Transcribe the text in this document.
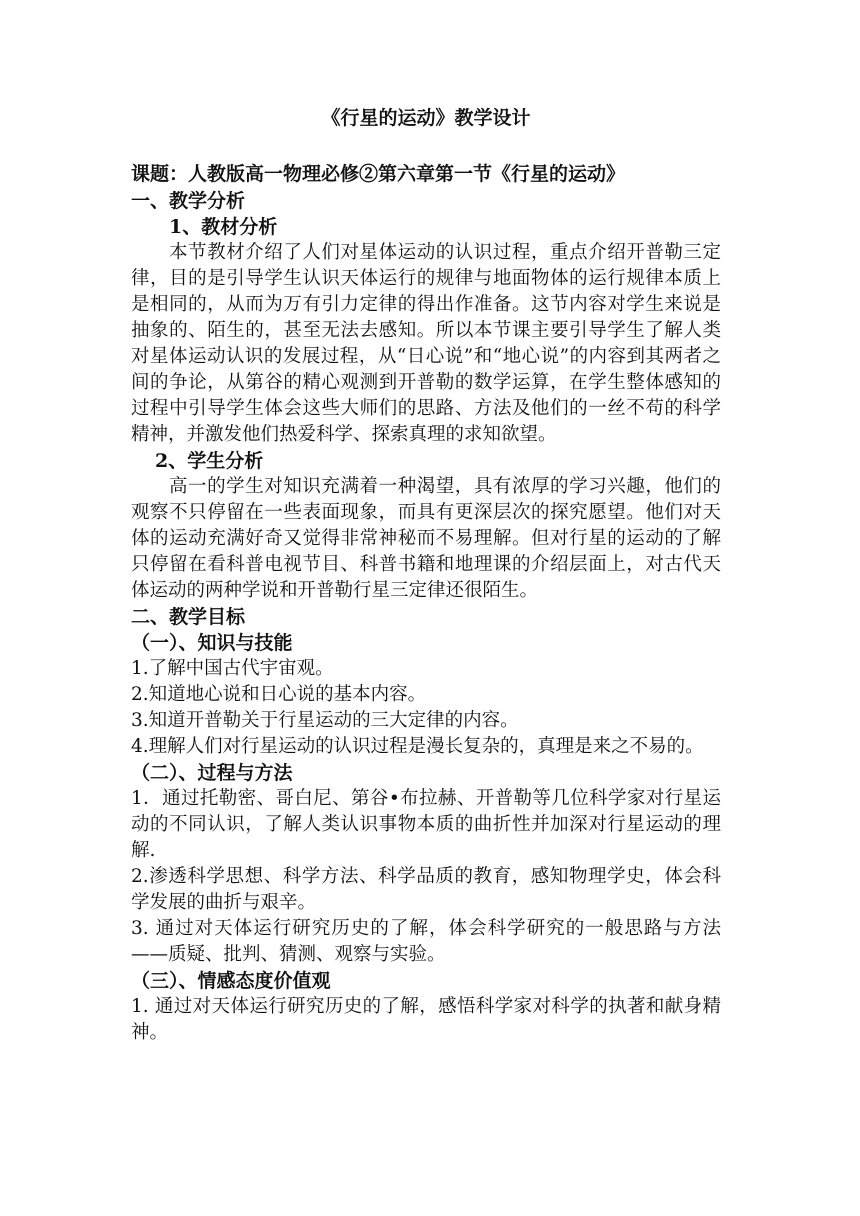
《行星的运动》教学设计

课题：人教版高一物理必修②第六章第一节《行星的运动》

一、教学分析

1、教材分析

本节教材介绍了人们对星体运动的认识过程，重点介绍开普勒三定律，目的是引导学生认识天体运行的规律与地面物体的运行规律本质上是相同的，从而为万有引力定律的得出作准备。这节内容对学生来说是抽象的、陌生的，甚至无法去感知。所以本节课主要引导学生了解人类对星体运动认识的发展过程，从“日心说”和“地心说”的内容到其两者之间的争论，从第谷的精心观测到开普勒的数学运算，在学生整体感知的过程中引导学生体会这些大师们的思路、方法及他们的一丝不苟的科学精神，并激发他们热爱科学、探索真理的求知欲望。

2、学生分析

高一的学生对知识充满着一种渴望，具有浓厚的学习兴趣，他们的观察不只停留在一些表面现象，而具有更深层次的探究愿望。他们对天体的运动充满好奇又觉得非常神秘而不易理解。但对行星的运动的了解只停留在看科普电视节目、科普书籍和地理课的介绍层面上，对古代天体运动的两种学说和开普勒行星三定律还很陌生。

二、教学目标

（一）、知识与技能

1.了解中国古代宇宙观。

2.知道地心说和日心说的基本内容。

3.知道开普勒关于行星运动的三大定律的内容。

4.理解人们对行星运动的认识过程是漫长复杂的，真理是来之不易的。

（二）、过程与方法

1．通过托勒密、哥白尼、第谷•布拉赫、开普勒等几位科学家对行星运动的不同认识，了解人类认识事物本质的曲折性并加深对行星运动的理解.

2.渗透科学思想、科学方法、科学品质的教育，感知物理学史，体会科学发展的曲折与艰辛。

3. 通过对天体运行研究历史的了解，体会科学研究的一般思路与方法——质疑、批判、猜测、观察与实验。

（三）、情感态度价值观

1. 通过对天体运行研究历史的了解，感悟科学家对科学的执著和献身精神。
